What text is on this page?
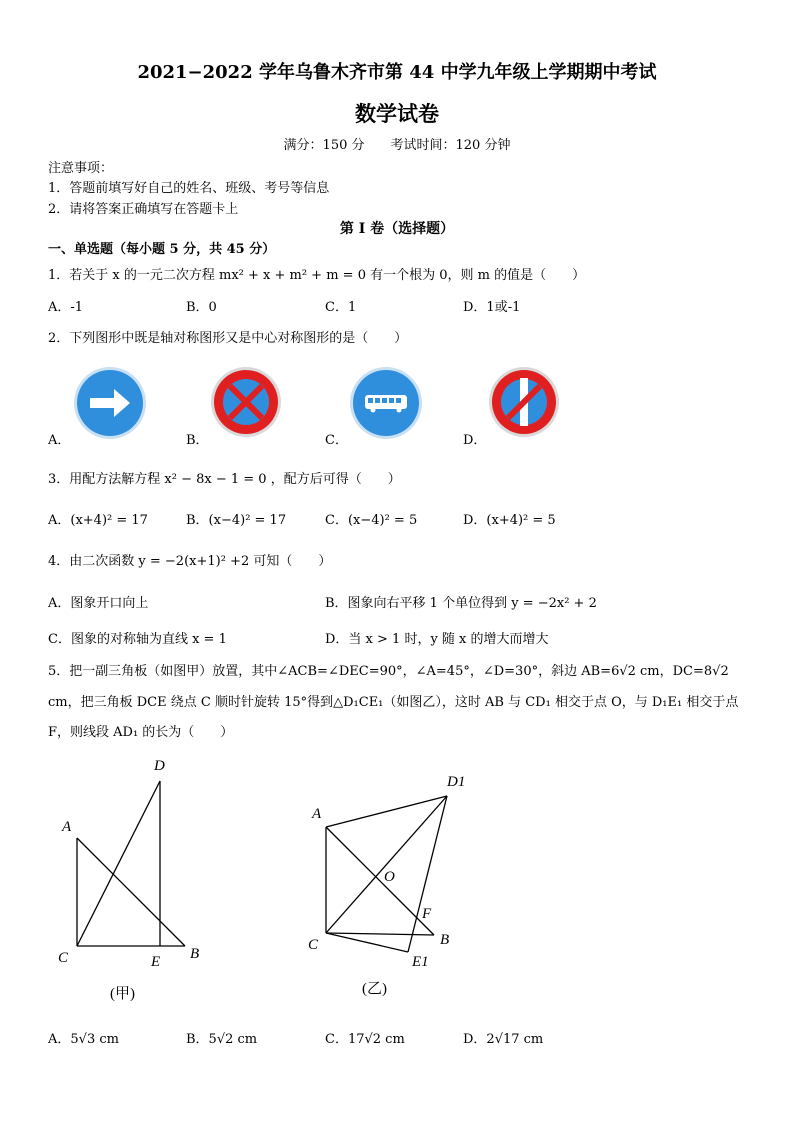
2021−2022 学年乌鲁木齐市第 44 中学九年级上学期期中考试
数学试卷
满分：150 分　　考试时间：120 分钟
注意事项：
1．答题前填写好自己的姓名、班级、考号等信息
2．请将答案正确填写在答题卡上
第 I 卷（选择题）
一、单选题（每小题 5 分，共 45 分）
1．若关于 x 的一元二次方程 mx² + x + m² + m = 0 有一个根为 0，则 m 的值是（　　）
A．-1	B．0	C．1	D．1或-1
2．下列图形中既是轴对称图形又是中心对称图形的是（　　）
A．	B．	C．	D．
3．用配方法解方程 x² − 8x − 1 = 0 ，配方后可得（　　）
A．(x+4)² = 17	B．(x−4)² = 17	C．(x−4)² = 5	D．(x+4)² = 5
4．由二次函数 y = −2(x+1)² +2 可知（　　）
A．图象开口向上	B．图象向右平移 1 个单位得到 y = −2x² + 2
C．图象的对称轴为直线 x = 1	D．当 x > 1 时，y 随 x 的增大而增大
5．把一副三角板（如图甲）放置，其中∠ACB=∠DEC=90°，∠A=45°，∠D=30°，斜边 AB=6√2 cm，DC=8√2
cm，把三角板 DCE 绕点 C 顺时针旋转 15°得到△D₁CE₁（如图乙），这时 AB 与 CD₁ 相交于点 O，与 D₁E₁ 相交于点
F，则线段 AD₁ 的长为（　　）
D
A
C	E B
(甲)
D1
A
O
F
C	B
E1
(乙)
A．5√3 cm	B．5√2 cm	C．17√2 cm	D．2√17 cm
